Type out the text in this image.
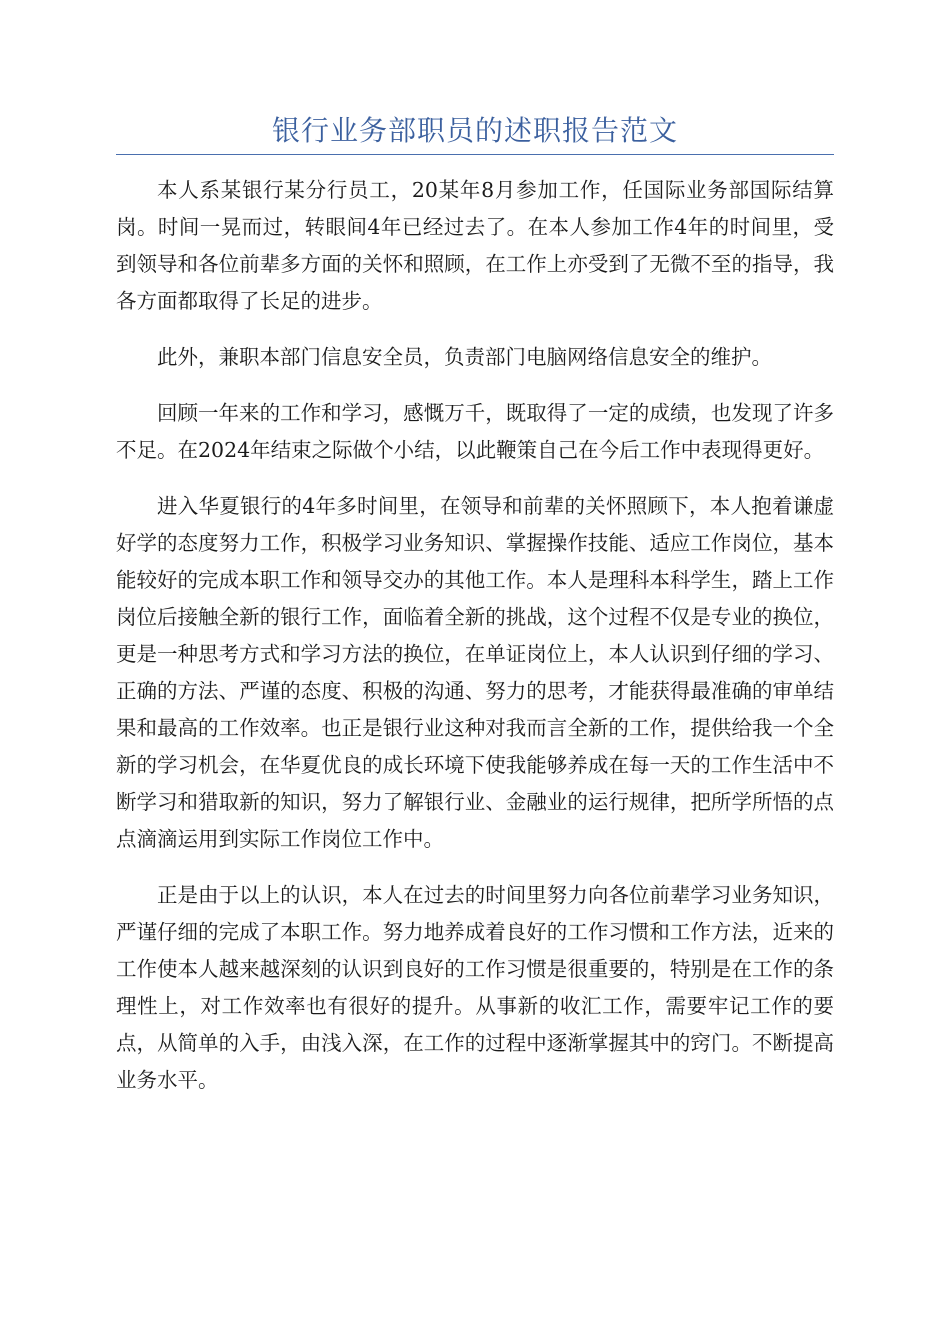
银行业务部职员的述职报告范文

本人系某银行某分行员工，20某年8月参加工作，任国际业务部国际结算岗。时间一晃而过，转眼间4年已经过去了。在本人参加工作4年的时间里，受到领导和各位前辈多方面的关怀和照顾，在工作上亦受到了无微不至的指导，我各方面都取得了长足的进步。

此外，兼职本部门信息安全员，负责部门电脑网络信息安全的维护。

回顾一年来的工作和学习，感慨万千，既取得了一定的成绩，也发现了许多不足。在2024年结束之际做个小结，以此鞭策自己在今后工作中表现得更好。

进入华夏银行的4年多时间里，在领导和前辈的关怀照顾下，本人抱着谦虚好学的态度努力工作，积极学习业务知识、掌握操作技能、适应工作岗位，基本能较好的完成本职工作和领导交办的其他工作。本人是理科本科学生，踏上工作岗位后接触全新的银行工作，面临着全新的挑战，这个过程不仅是专业的换位，更是一种思考方式和学习方法的换位，在单证岗位上，本人认识到仔细的学习、正确的方法、严谨的态度、积极的沟通、努力的思考，才能获得最准确的审单结果和最高的工作效率。也正是银行业这种对我而言全新的工作，提供给我一个全新的学习机会，在华夏优良的成长环境下使我能够养成在每一天的工作生活中不断学习和猎取新的知识，努力了解银行业、金融业的运行规律，把所学所悟的点点滴滴运用到实际工作岗位工作中。

正是由于以上的认识，本人在过去的时间里努力向各位前辈学习业务知识，严谨仔细的完成了本职工作。努力地养成着良好的工作习惯和工作方法，近来的工作使本人越来越深刻的认识到良好的工作习惯是很重要的，特别是在工作的条理性上，对工作效率也有很好的提升。从事新的收汇工作，需要牢记工作的要点，从简单的入手，由浅入深，在工作的过程中逐渐掌握其中的窍门。不断提高业务水平。
